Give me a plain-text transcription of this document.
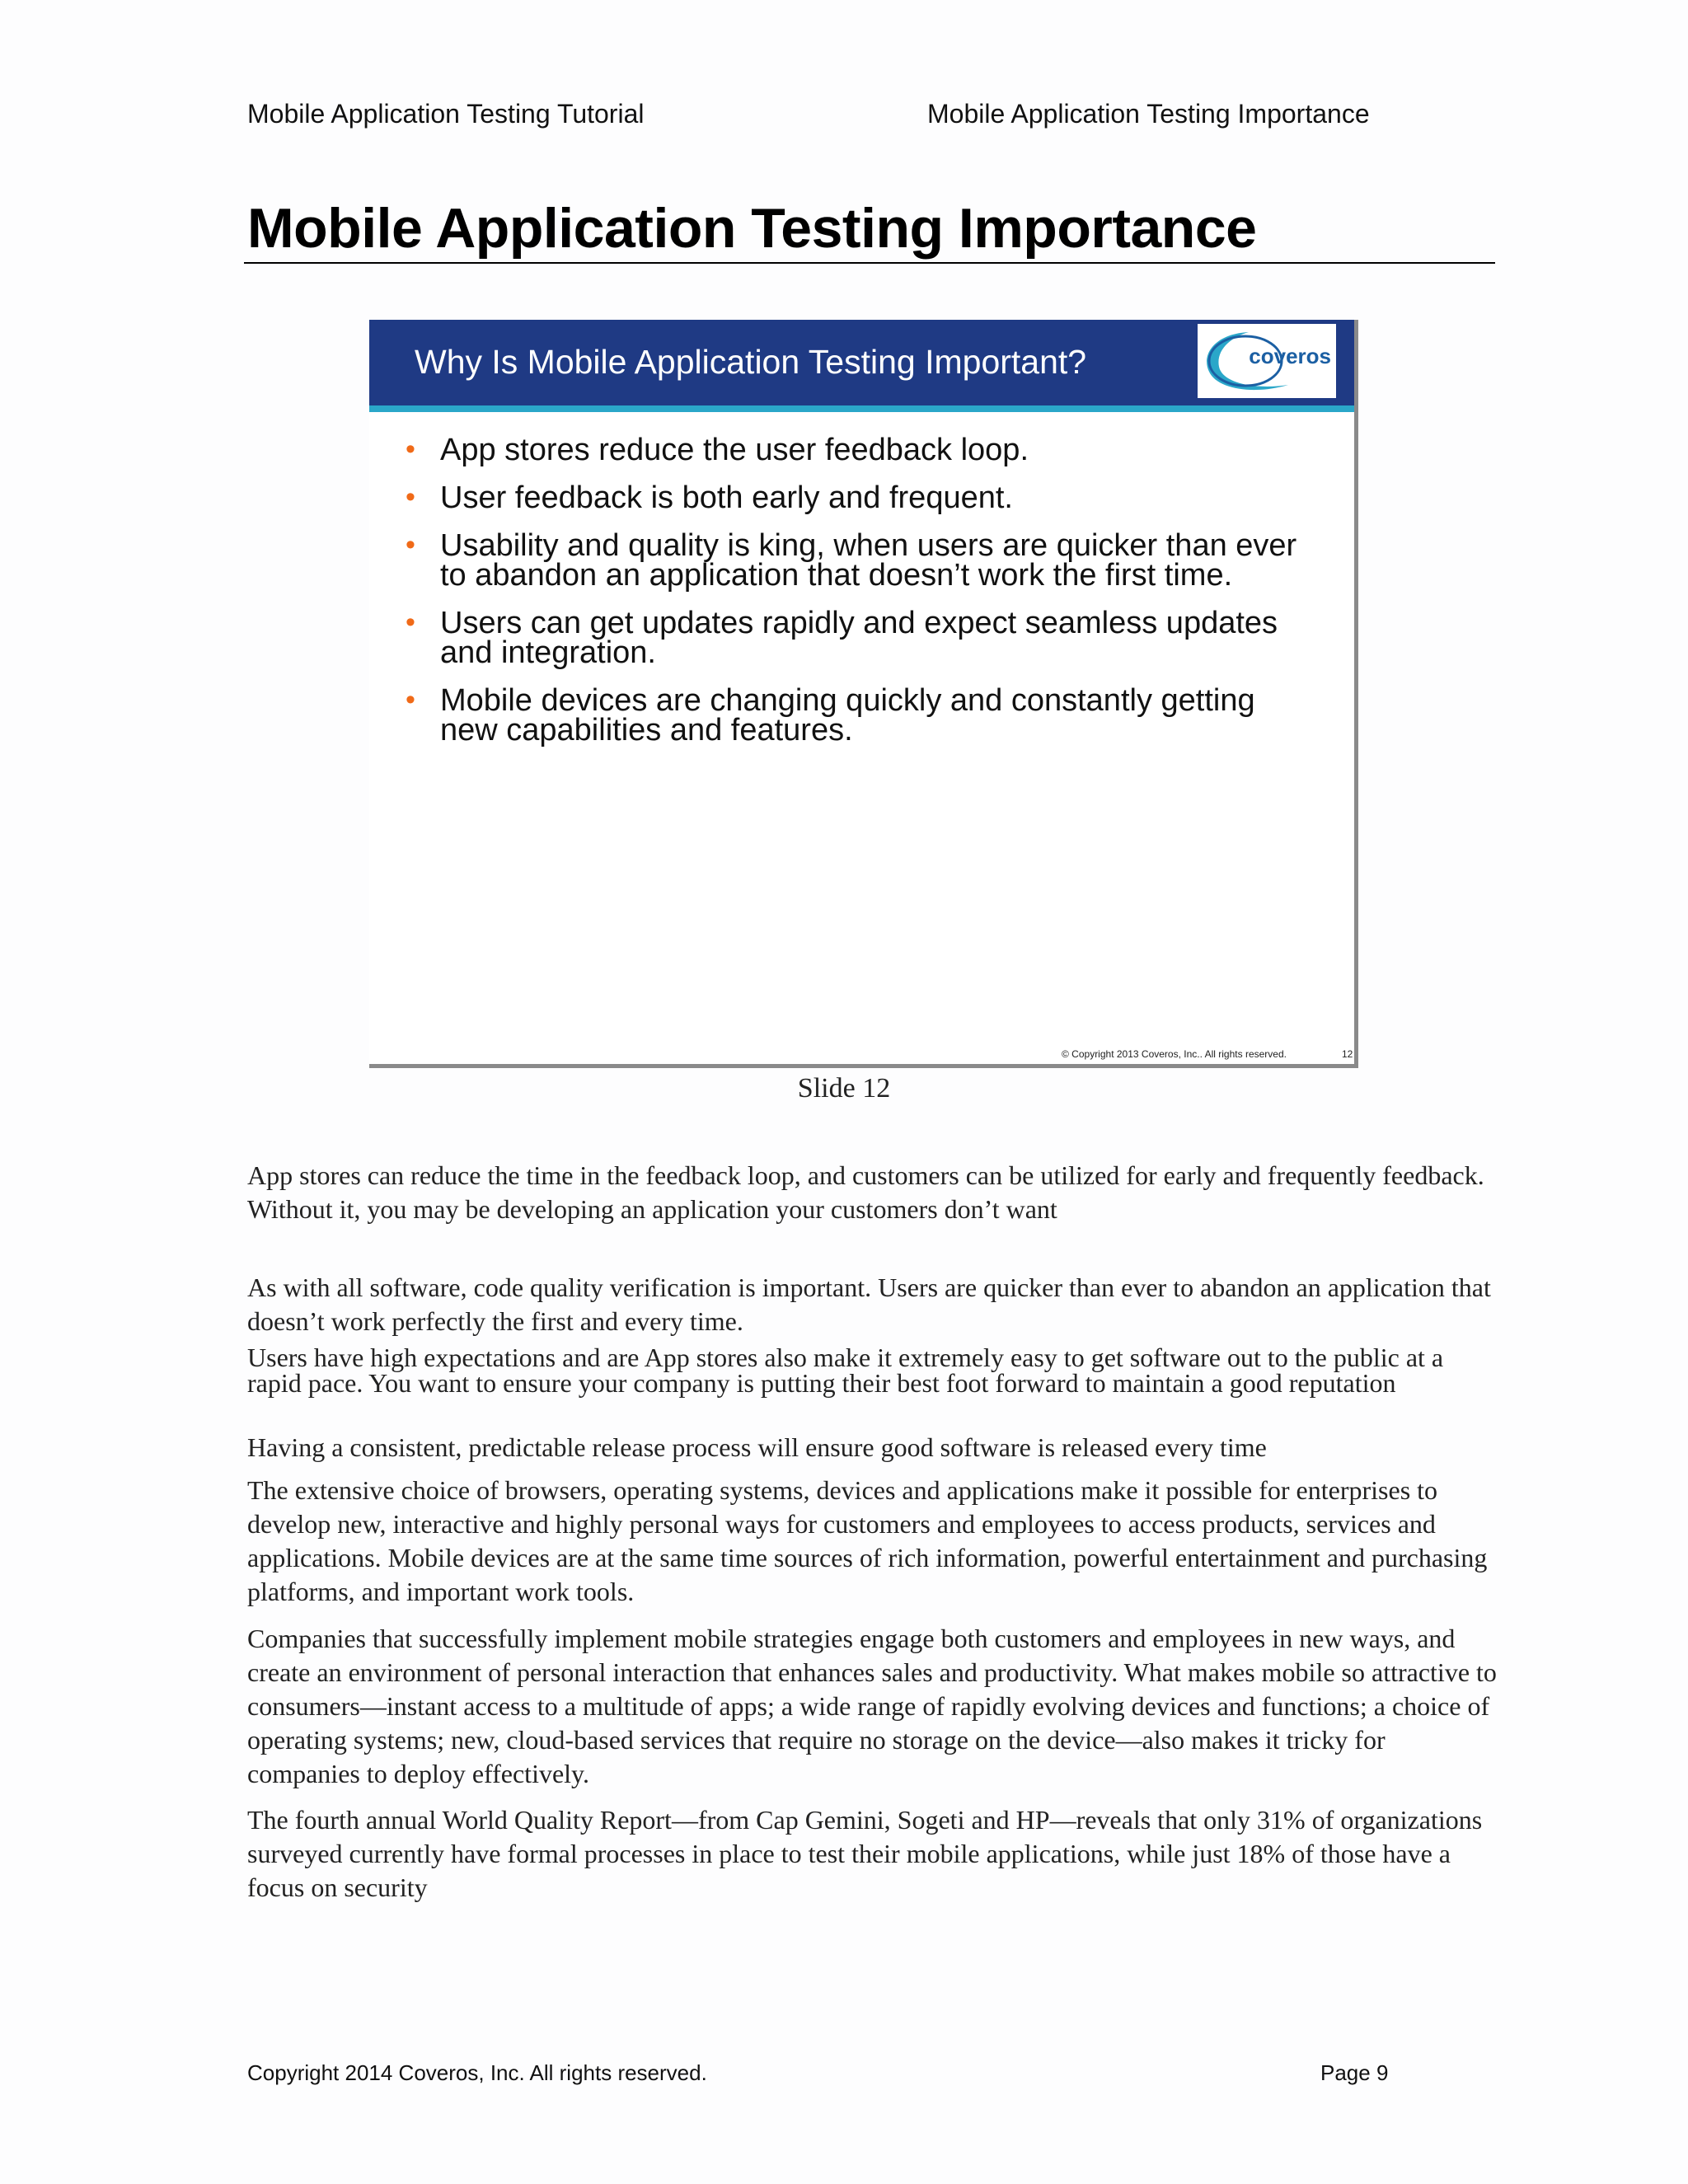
Mobile Application Testing Tutorial	Mobile Application Testing Importance
Mobile Application Testing Importance
Why Is Mobile Application Testing Important?	coveros
• App stores reduce the user feedback loop.
• User feedback is both early and frequent.
• Usability and quality is king, when users are quicker than ever to abandon an application that doesn’t work the first time.
• Users can get updates rapidly and expect seamless updates and integration.
• Mobile devices are changing quickly and constantly getting new capabilities and features.
© Copyright 2013 Coveros, Inc.. All rights reserved.	12
Slide 12

App stores can reduce the time in the feedback loop, and customers can be utilized for early and frequently feedback. Without it, you may be developing an application your customers don’t want

As with all software, code quality verification is important. Users are quicker than ever to abandon an application that doesn’t work perfectly the first and every time.

Users have high expectations and are App stores also make it extremely easy to get software out to the public at a rapid pace. You want to ensure your company is putting their best foot forward to maintain a good reputation

Having a consistent, predictable release process will ensure good software is released every time

The extensive choice of browsers, operating systems, devices and applications make it possible for enterprises to develop new, interactive and highly personal ways for customers and employees to access products, services and applications. Mobile devices are at the same time sources of rich information, powerful entertainment and purchasing platforms, and important work tools.

Companies that successfully implement mobile strategies engage both customers and employees in new ways, and create an environment of personal interaction that enhances sales and productivity. What makes mobile so attractive to consumers—instant access to a multitude of apps; a wide range of rapidly evolving devices and functions; a choice of operating systems; new, cloud-based services that require no storage on the device—also makes it tricky for companies to deploy effectively.

The fourth annual World Quality Report—from Cap Gemini, Sogeti and HP—reveals that only 31% of organizations surveyed currently have formal processes in place to test their mobile applications, while just 18% of those have a focus on security

Copyright 2014 Coveros, Inc. All rights reserved.	Page 9
